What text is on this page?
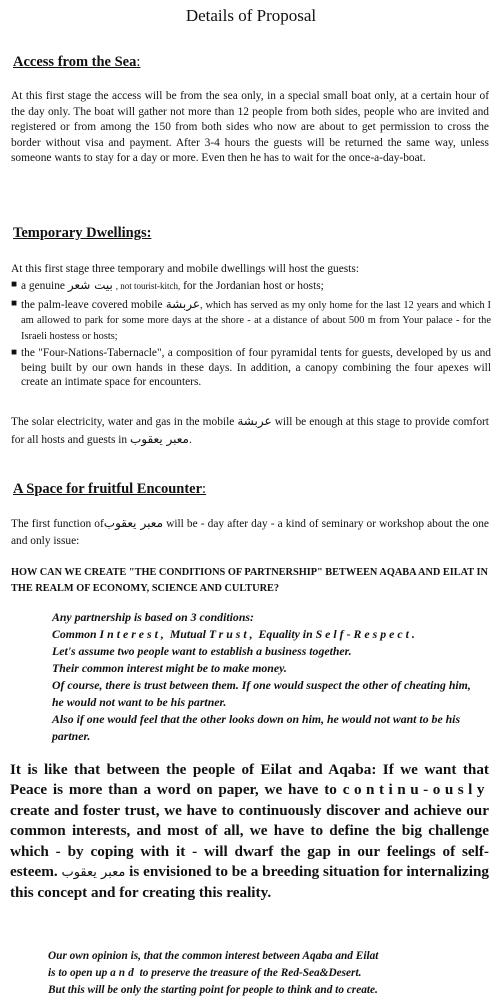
Details of Proposal
Access from the Sea:
At this first stage the access will be from the sea only, in a special small boat only, at a certain hour of the day only. The boat will gather not more than 12 people from both sides, people who are invited and registered or from among the 150 from both sides who now are about to get permission to cross the border without visa and payment. After 3-4 hours the guests will be returned the same way, unless someone wants to stay for a day or more. Even then he has to wait for the once-a-day-boat.
Temporary Dwellings:
At this first stage three temporary and mobile dwellings will host the guests:
■ a genuine بيت شعر , not tourist-kitch, for the Jordanian host or hosts;
■ the palm-leave covered mobile عربشة, which has served as my only home for the last 12 years and which I am allowed to park for some more days at the shore - at a distance of about 500 m from Your palace - for the Israeli hostess or hosts;
■ the "Four-Nations-Tabernacle", a composition of four pyramidal tents for guests, developed by us and being built by our own hands in these days. In addition, a canopy combining the four apexes will create an intimate space for encounters.
The solar electricity, water and gas in the mobile عربشة will be enough at this stage to provide comfort for all hosts and guests in معبر يعقوب.
A Space for fruitful Encounter:
The first function ofمعبر يعقوب will be - day after day - a kind of seminary or workshop about the one and only issue:
HOW CAN WE CREATE "THE CONDITIONS OF PARTNERSHIP" BETWEEN AQABA AND EILAT IN THE REALM OF ECONOMY, SCIENCE AND CULTURE?
Any partnership is based on 3 conditions:
Common Interest, Mutual Trust, Equality in Self-Respect.
Let's assume two people want to establish a business together.
Their common interest might be to make money.
Of course, there is trust between them. If one would suspect the other of cheating him, he would not want to be his partner.
Also if one would feel that the other looks down on him, he would not want to be his partner.
It is like that between the people of Eilat and Aqaba: If we want that Peace is more than a word on paper, we have to continu-ously create and foster trust, we have to continuously discover and achieve our common interests, and most of all, we have to define the big challenge which - by coping with it - will dwarf the gap in our feelings of self-esteem. معبر يعقوب is envisioned to be a breeding situation for internalizing this concept and for creating this reality.
Our own opinion is, that the common interest between Aqaba and Eilat
is to open up and to preserve the treasure of the Red-Sea&Desert.
But this will be only the starting point for people to think and to create.
